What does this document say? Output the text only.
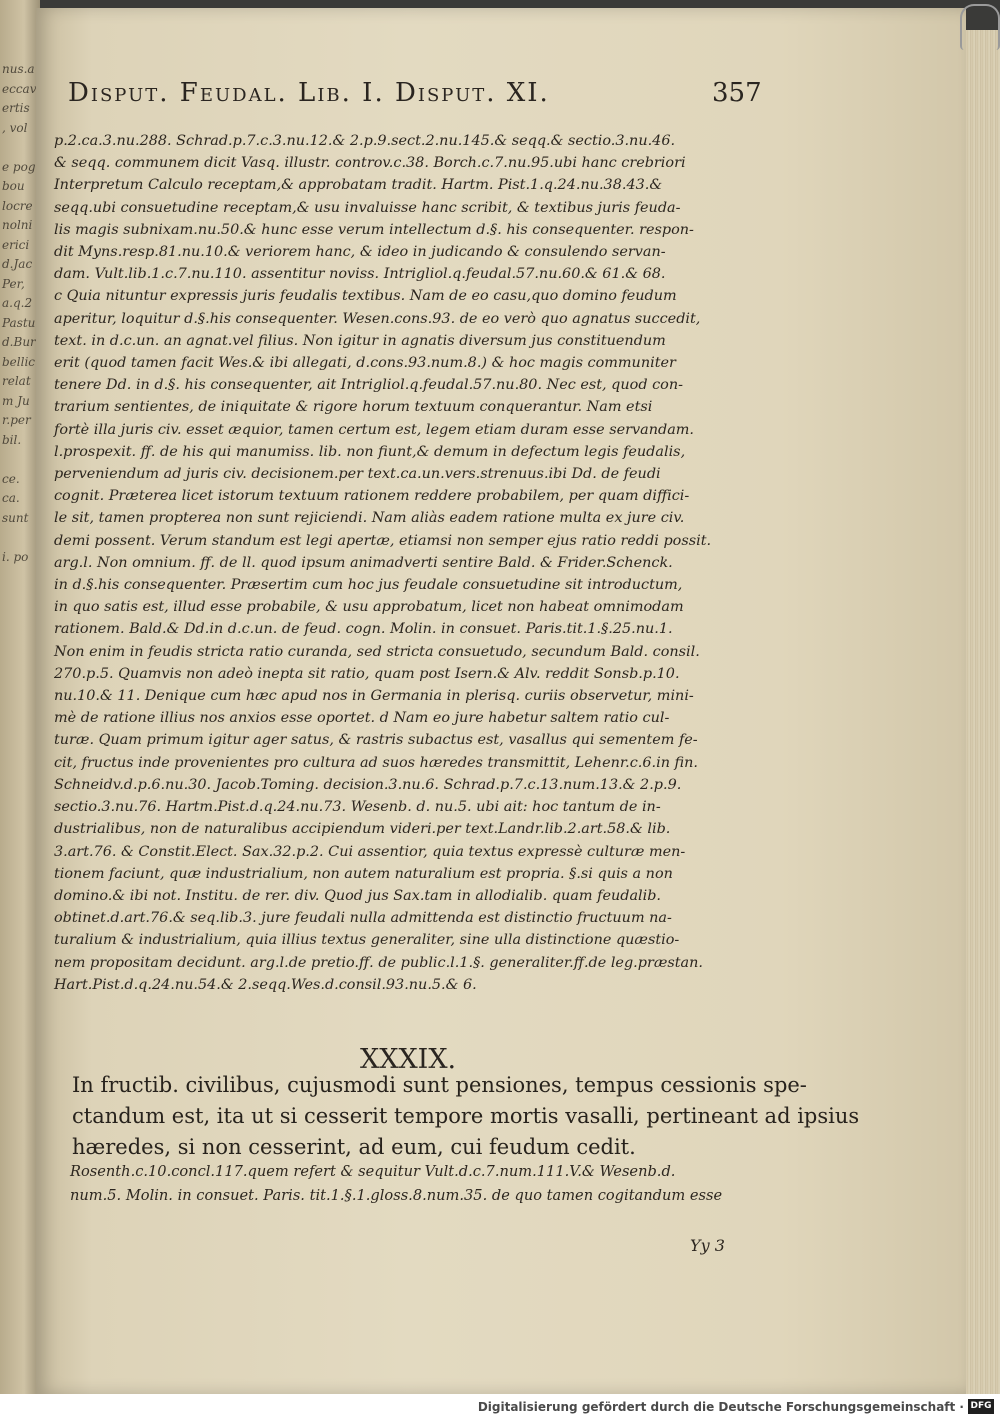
nus.a
eccav
ertis
, vol

e pog
bou
locre
nolni
erici
d.Jac
Per,
a.q.2
Pastu
d.Bur
bellic
relat
m Ju
r.per
bil.

ce.
ca.
sunt

i. po
Disput. Feudal. Lib. I. Disput. XI.	357
p.2.ca.3.nu.288. Schrad.p.7.c.3.nu.12.& 2.p.9.sect.2.nu.145.& seqq.& sectio.3.nu.46.
& seqq. communem dicit Vasq. illustr. controv.c.38. Borch.c.7.nu.95.ubi hanc crebriori
Interpretum Calculo receptam,& approbatam tradit. Hartm. Pist.1.q.24.nu.38.43.&
seqq.ubi consuetudine receptam,& usu invaluisse hanc scribit, & textibus juris feuda-
lis magis subnixam.nu.50.& hunc esse verum intellectum d.§. his consequenter. respon-
dit Myns.resp.81.nu.10.& veriorem hanc, & ideo in judicando & consulendo servan-
dam. Vult.lib.1.c.7.nu.110. assentitur noviss. Intrigliol.q.feudal.57.nu.60.& 61.& 68.
c Quia nituntur expressis juris feudalis textibus. Nam de eo casu,quo domino feudum
aperitur, loquitur d.§.his consequenter. Wesen.cons.93. de eo verò quo agnatus succedit,
text. in d.c.un. an agnat.vel filius. Non igitur in agnatis diversum jus constituendum
erit (quod tamen facit Wes.& ibi allegati, d.cons.93.num.8.) & hoc magis communiter
tenere Dd. in d.§. his consequenter, ait Intrigliol.q.feudal.57.nu.80. Nec est, quod con-
trarium sentientes, de iniquitate & rigore horum textuum conquerantur. Nam etsi
fortè illa juris civ. esset æquior, tamen certum est, legem etiam duram esse servandam.
l.prospexit. ff. de his qui manumiss. lib. non fiunt,& demum in defectum legis feudalis,
perveniendum ad juris civ. decisionem.per text.ca.un.vers.strenuus.ibi Dd. de feudi
cognit. Præterea licet istorum textuum rationem reddere probabilem, per quam diffici-
le sit, tamen propterea non sunt rejiciendi. Nam aliàs eadem ratione multa ex jure civ.
demi possent. Verum standum est legi apertæ, etiamsi non semper ejus ratio reddi possit.
arg.l. Non omnium. ff. de ll. quod ipsum animadverti sentire Bald. & Frider.Schenck.
in d.§.his consequenter. Præsertim cum hoc jus feudale consuetudine sit introductum,
in quo satis est, illud esse probabile, & usu approbatum, licet non habeat omnimodam
rationem. Bald.& Dd.in d.c.un. de feud. cogn. Molin. in consuet. Paris.tit.1.§.25.nu.1.
Non enim in feudis stricta ratio curanda, sed stricta consuetudo, secundum Bald. consil.
270.p.5. Quamvis non adeò inepta sit ratio, quam post Isern.& Alv. reddit Sonsb.p.10.
nu.10.& 11. Denique cum hæc apud nos in Germania in plerisq. curiis observetur, mini-
mè de ratione illius nos anxios esse oportet. d Nam eo jure habetur saltem ratio cul-
turæ. Quam primum igitur ager satus, & rastris subactus est, vasallus qui sementem fe-
cit, fructus inde provenientes pro cultura ad suos hæredes transmittit, Lehenr.c.6.in fin.
Schneidv.d.p.6.nu.30. Jacob.Toming. decision.3.nu.6. Schrad.p.7.c.13.num.13.& 2.p.9.
sectio.3.nu.76. Hartm.Pist.d.q.24.nu.73. Wesenb. d. nu.5. ubi ait: hoc tantum de in-
dustrialibus, non de naturalibus accipiendum videri.per text.Landr.lib.2.art.58.& lib.
3.art.76. & Constit.Elect. Sax.32.p.2. Cui assentior, quia textus expressè culturæ men-
tionem faciunt, quæ industrialium, non autem naturalium est propria. §.si quis a non
domino.& ibi not. Institu. de rer. div. Quod jus Sax.tam in allodialib. quam feudalib.
obtinet.d.art.76.& seq.lib.3. jure feudali nulla admittenda est distinctio fructuum na-
turalium & industrialium, quia illius textus generaliter, sine ulla distinctione quæstio-
nem propositam decidunt. arg.l.de pretio.ff. de public.l.1.§. generaliter.ff.de leg.præstan.
Hart.Pist.d.q.24.nu.54.& 2.seqq.Wes.d.consil.93.nu.5.& 6.
XXXIX.
In fructib. civilibus, cujusmodi sunt pensiones, tempus cessionis spe-
ctandum est, ita ut si cesserit tempore mortis vasalli, pertineant ad ipsius
hæredes, si non cesserint, ad eum, cui feudum cedit.
Rosenth.c.10.concl.117.quem refert & sequitur Vult.d.c.7.num.111.V.& Wesenb.d.
num.5. Molin. in consuet. Paris. tit.1.§.1.gloss.8.num.35. de quo tamen cogitandum esse
Yy 3
Digitalisierung gefördert durch die Deutsche Forschungsgemeinschaft · DFG
